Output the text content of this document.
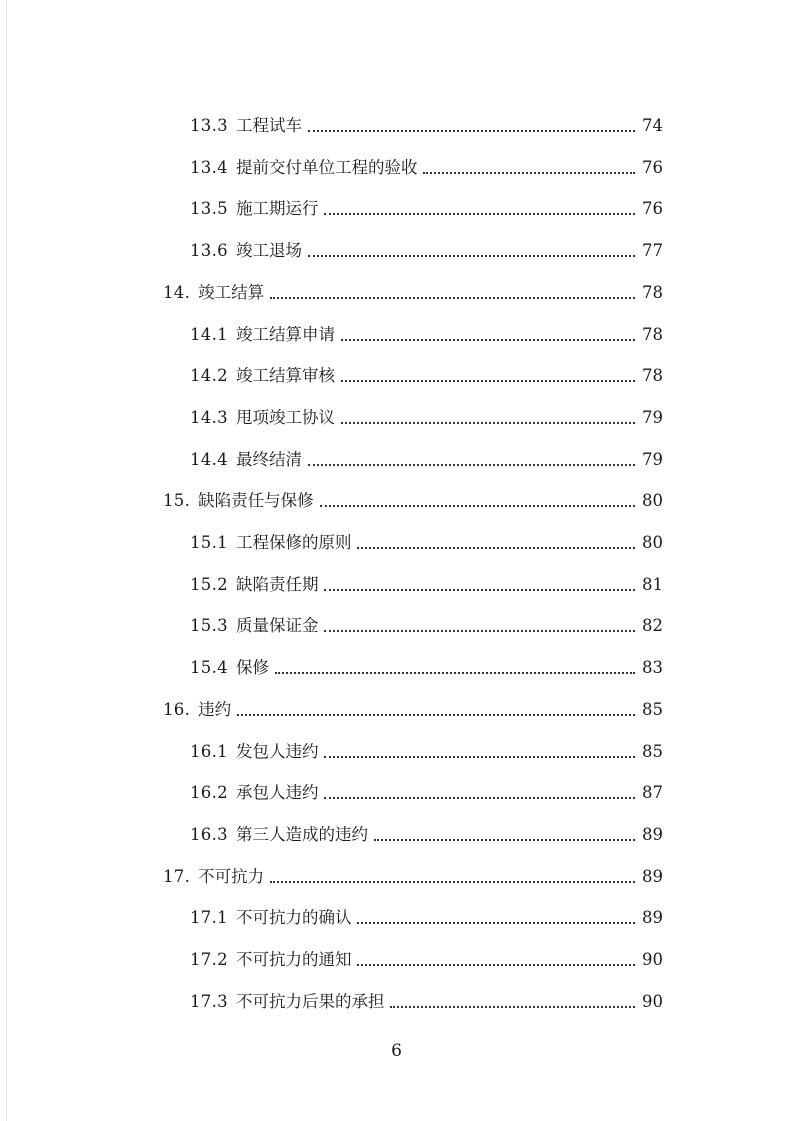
13.3 工程试车	74
13.4 提前交付单位工程的验收	76
13.5 施工期运行	76
13.6 竣工退场	77
14. 竣工结算	78
14.1 竣工结算申请	78
14.2 竣工结算审核	78
14.3 甩项竣工协议	79
14.4 最终结清	79
15. 缺陷责任与保修	80
15.1 工程保修的原则	80
15.2 缺陷责任期	81
15.3 质量保证金	82
15.4 保修	83
16. 违约	85
16.1 发包人违约	85
16.2 承包人违约	87
16.3 第三人造成的违约	89
17. 不可抗力	89
17.1 不可抗力的确认	89
17.2 不可抗力的通知	90
17.3 不可抗力后果的承担	90
6
